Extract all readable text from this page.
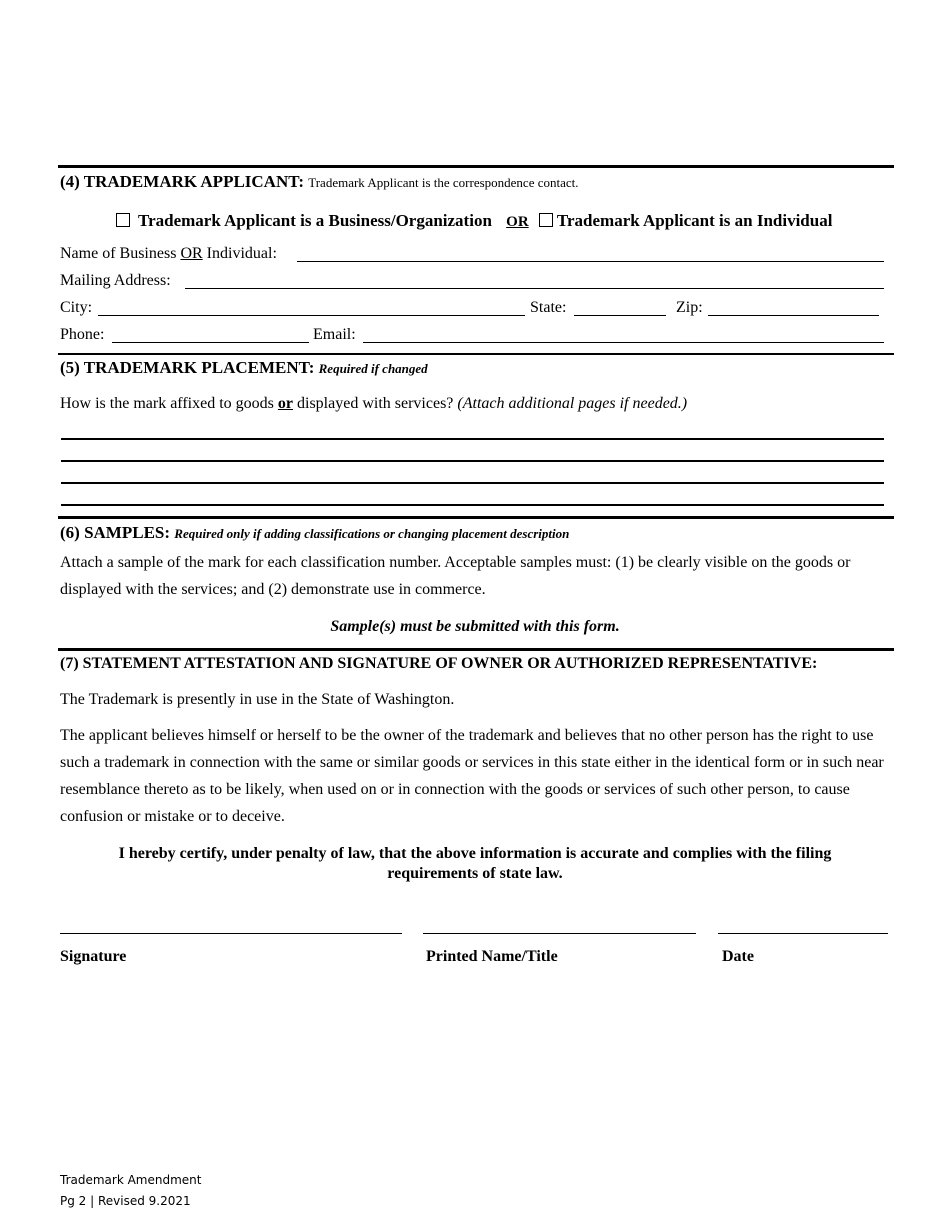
(4) TRADEMARK APPLICANT: Trademark Applicant is the correspondence contact.
Trademark Applicant is a Business/Organization OR Trademark Applicant is an Individual
Name of Business OR Individual:
Mailing Address:
City:	State:	Zip:
Phone:	Email:
(5) TRADEMARK PLACEMENT: Required if changed
How is the mark affixed to goods or displayed with services? (Attach additional pages if needed.)
(6) SAMPLES: Required only if adding classifications or changing placement description
Attach a sample of the mark for each classification number. Acceptable samples must: (1) be clearly visible on the goods or displayed with the services; and (2) demonstrate use in commerce.
Sample(s) must be submitted with this form.
(7) STATEMENT ATTESTATION AND SIGNATURE OF OWNER OR AUTHORIZED REPRESENTATIVE:
The Trademark is presently in use in the State of Washington.
The applicant believes himself or herself to be the owner of the trademark and believes that no other person has the right to use such a trademark in connection with the same or similar goods or services in this state either in the identical form or in such near resemblance thereto as to be likely, when used on or in connection with the goods or services of such other person, to cause confusion or mistake or to deceive.
I hereby certify, under penalty of law, that the above information is accurate and complies with the filing requirements of state law.
Signature	Printed Name/Title	Date
Trademark Amendment
Pg 2 | Revised 9.2021
